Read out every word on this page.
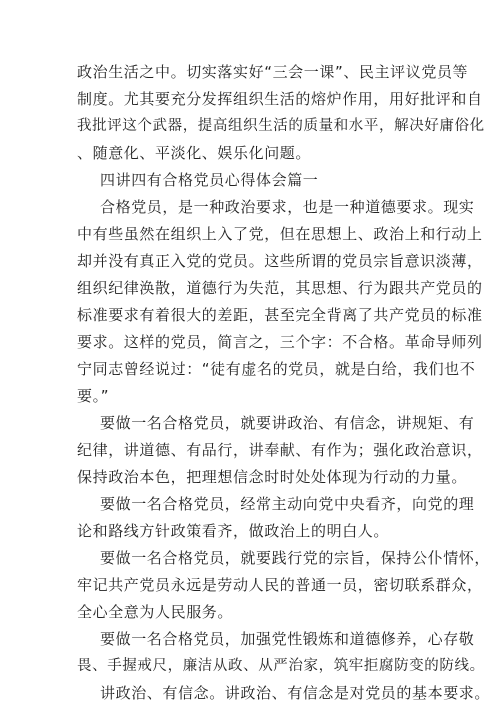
政治生活之中。切实落实好“三会一课”、民主评议党员等
制度。尤其要充分发挥组织生活的熔炉作用，用好批评和自
我批评这个武器，提高组织生活的质量和水平，解决好庸俗化
、随意化、平淡化、娱乐化问题。
四讲四有合格党员心得体会篇一
合格党员，是一种政治要求，也是一种道德要求。现实
中有些虽然在组织上入了党，但在思想上、政治上和行动上
却并没有真正入党的党员。这些所谓的党员宗旨意识淡薄，
组织纪律涣散，道德行为失范，其思想、行为跟共产党员的
标准要求有着很大的差距，甚至完全背离了共产党员的标准
要求。这样的党员，简言之，三个字：不合格。革命导师列
宁同志曾经说过：“徒有虚名的党员，就是白给，我们也不
要。”
要做一名合格党员，就要讲政治、有信念，讲规矩、有
纪律，讲道德、有品行，讲奉献、有作为；强化政治意识，
保持政治本色，把理想信念时时处处体现为行动的力量。
要做一名合格党员，经常主动向党中央看齐，向党的理
论和路线方针政策看齐，做政治上的明白人。
要做一名合格党员，就要践行党的宗旨，保持公仆情怀，
牢记共产党员永远是劳动人民的普通一员，密切联系群众，
全心全意为人民服务。
要做一名合格党员，加强党性锻炼和道德修养，心存敬
畏、手握戒尺，廉洁从政、从严治家，筑牢拒腐防变的防线。
讲政治、有信念。讲政治、有信念是对党员的基本要求。
